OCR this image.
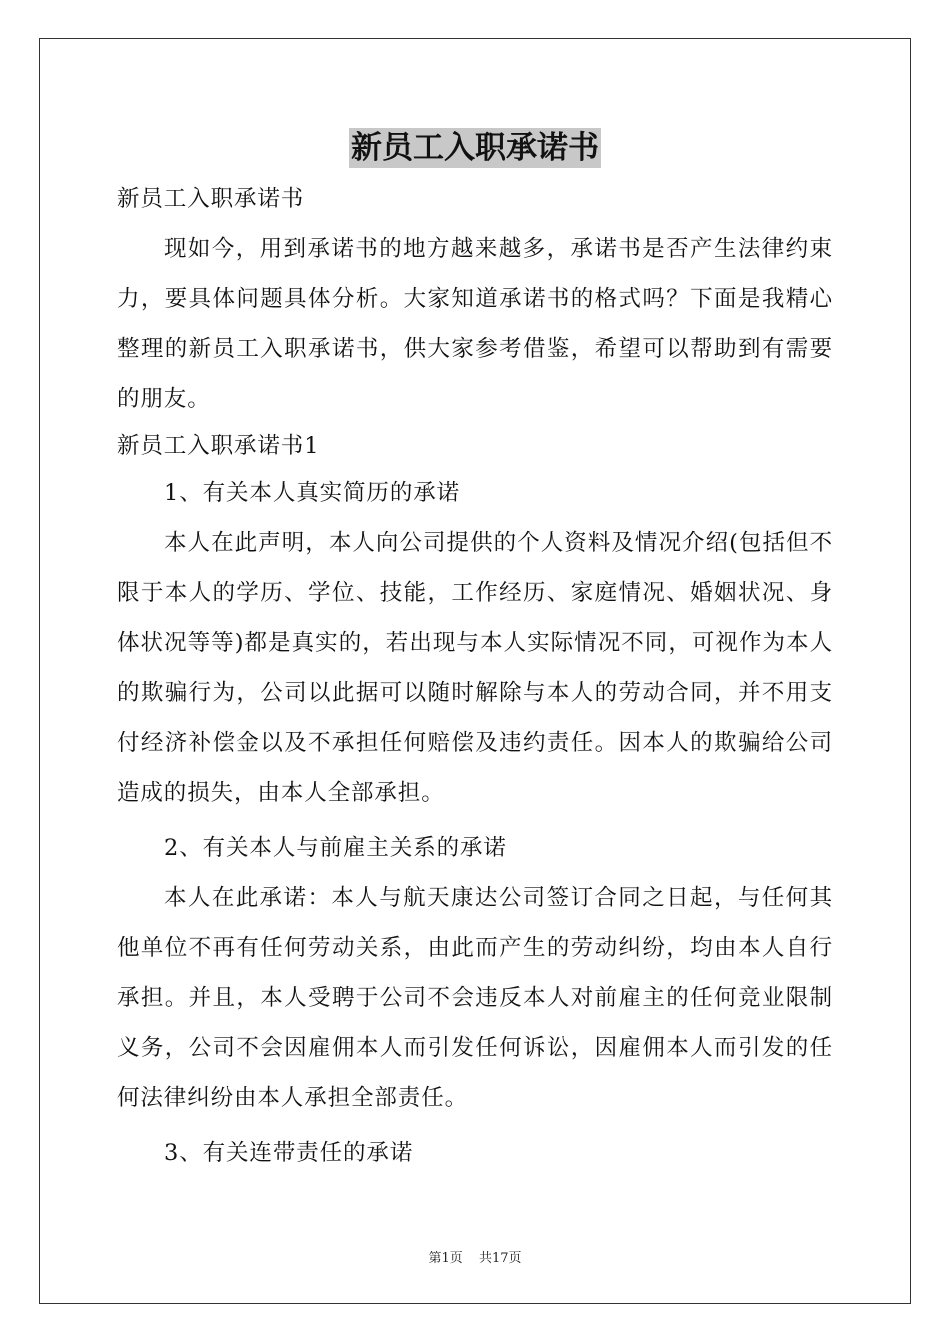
新员工入职承诺书
新员工入职承诺书
现如今，用到承诺书的地方越来越多，承诺书是否产生法律约束力，要具体问题具体分析。大家知道承诺书的格式吗？下面是我精心整理的新员工入职承诺书，供大家参考借鉴，希望可以帮助到有需要的朋友。
新员工入职承诺书1
1、有关本人真实简历的承诺
本人在此声明，本人向公司提供的个人资料及情况介绍(包括但不限于本人的学历、学位、技能，工作经历、家庭情况、婚姻状况、身体状况等等)都是真实的，若出现与本人实际情况不同，可视作为本人的欺骗行为，公司以此据可以随时解除与本人的劳动合同，并不用支付经济补偿金以及不承担任何赔偿及违约责任。因本人的欺骗给公司造成的损失，由本人全部承担。
2、有关本人与前雇主关系的承诺
本人在此承诺：本人与航天康达公司签订合同之日起，与任何其他单位不再有任何劳动关系，由此而产生的劳动纠纷，均由本人自行承担。并且，本人受聘于公司不会违反本人对前雇主的任何竞业限制义务，公司不会因雇佣本人而引发任何诉讼，因雇佣本人而引发的任何法律纠纷由本人承担全部责任。
3、有关连带责任的承诺
第1页 共17页
